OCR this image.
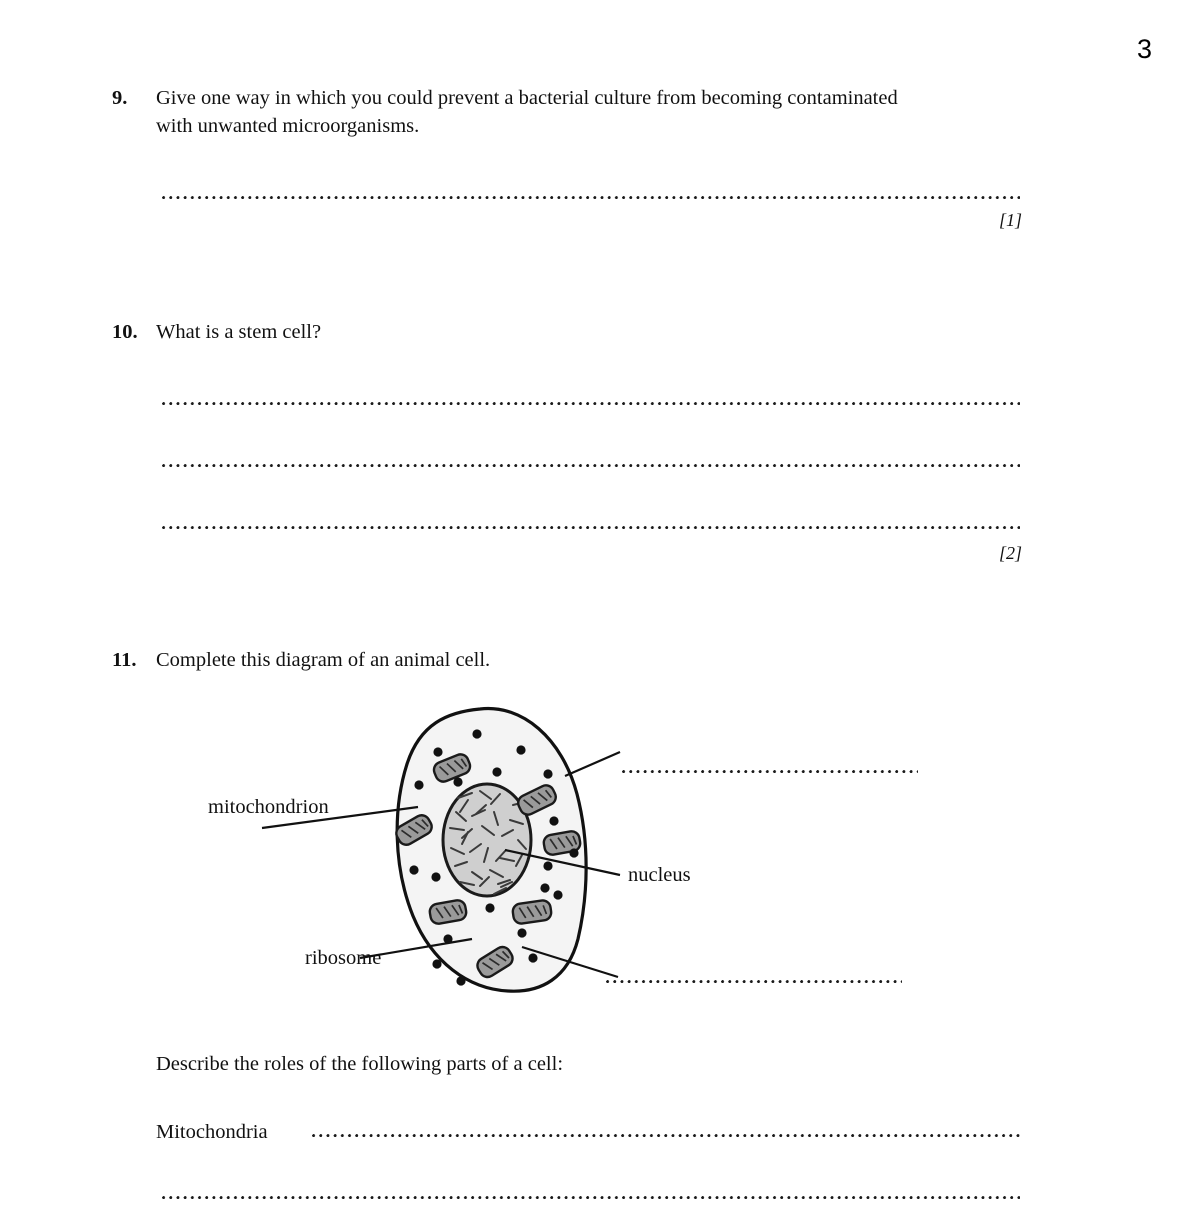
3
9.	Give one way in which you could prevent a bacterial culture from becoming contaminated with unwanted microorganisms.
[1]
10. What is a stem cell?
[2]
11. Complete this diagram of an animal cell.
mitochondrion
ribosome
nucleus
Describe the roles of the following parts of a cell:
Mitochondria
